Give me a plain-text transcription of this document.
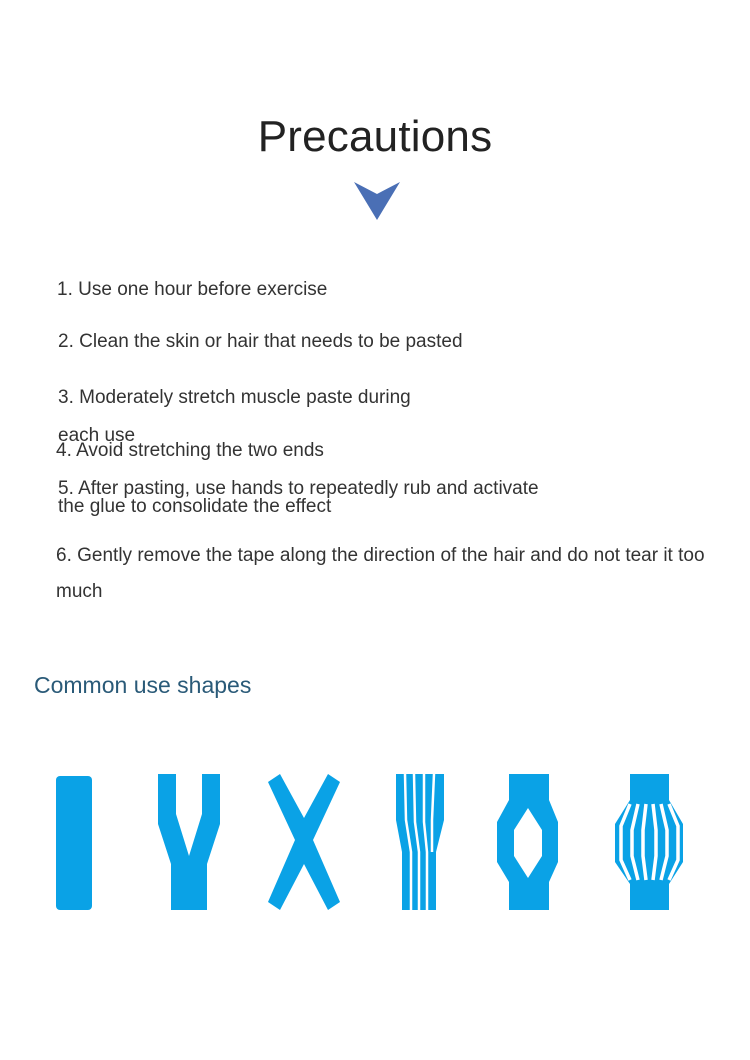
Precautions
1. Use one hour before exercise
2. Clean the skin or hair that needs to be pasted
3. Moderately stretch muscle paste during
each use
4. Avoid stretching the two ends
5. After pasting, use hands to repeatedly rub and activate
the glue to consolidate the effect
6. Gently remove the tape along the direction of the hair and do not tear it too much
Common use shapes
